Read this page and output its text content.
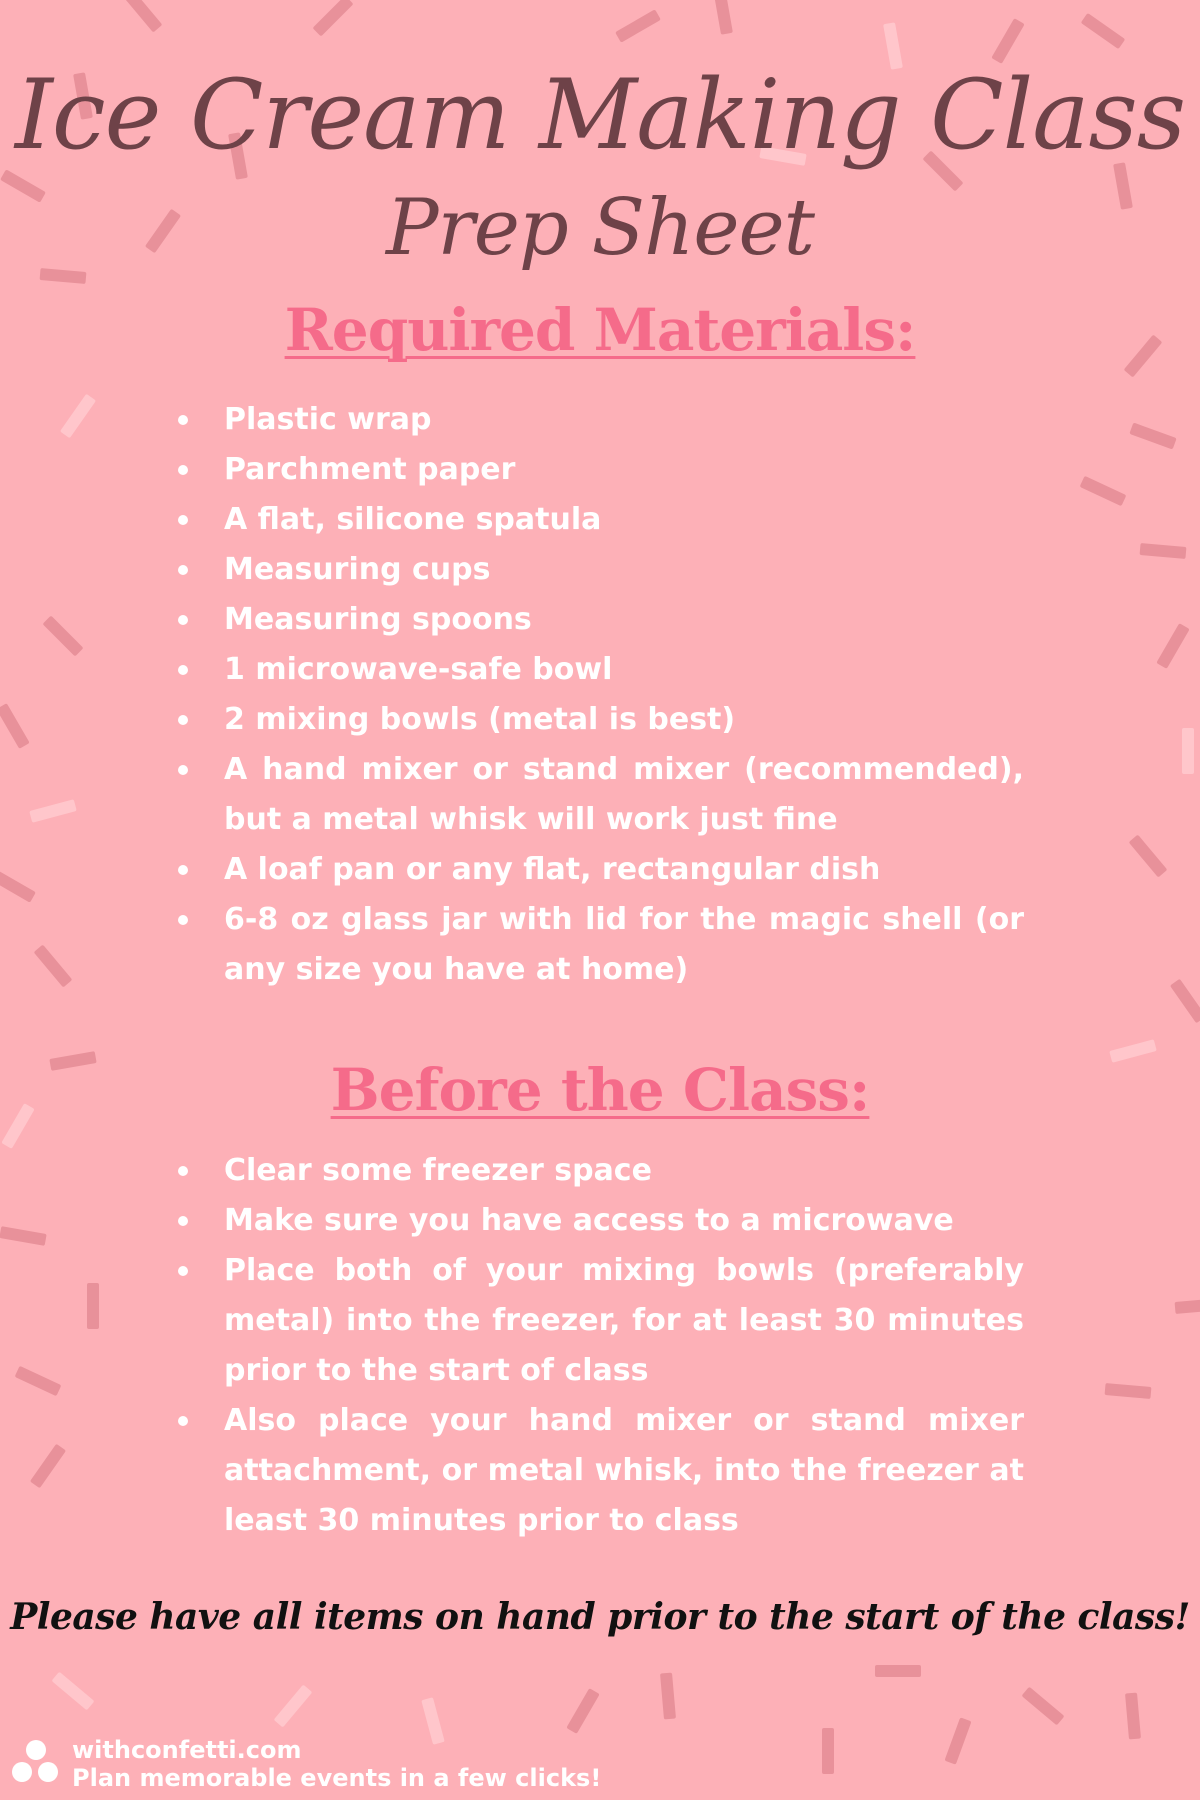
Ice Cream Making Class
Prep Sheet
Required Materials:
Plastic wrap
Parchment paper
A flat, silicone spatula
Measuring cups
Measuring spoons
1 microwave-safe bowl
2 mixing bowls (metal is best)
A hand mixer or stand mixer (recommended), but a metal whisk will work just fine
A loaf pan or any flat, rectangular dish
6-8 oz glass jar with lid for the magic shell (or any size you have at home)
Before the Class:
Clear some freezer space
Make sure you have access to a microwave
Place both of your mixing bowls (preferably metal) into the freezer, for at least 30 minutes prior to the start of class
Also place your hand mixer or stand mixer attachment, or metal whisk, into the freezer at least 30 minutes prior to class
Please have all items on hand prior to the start of the class!
withconfetti.com
Plan memorable events in a few clicks!
